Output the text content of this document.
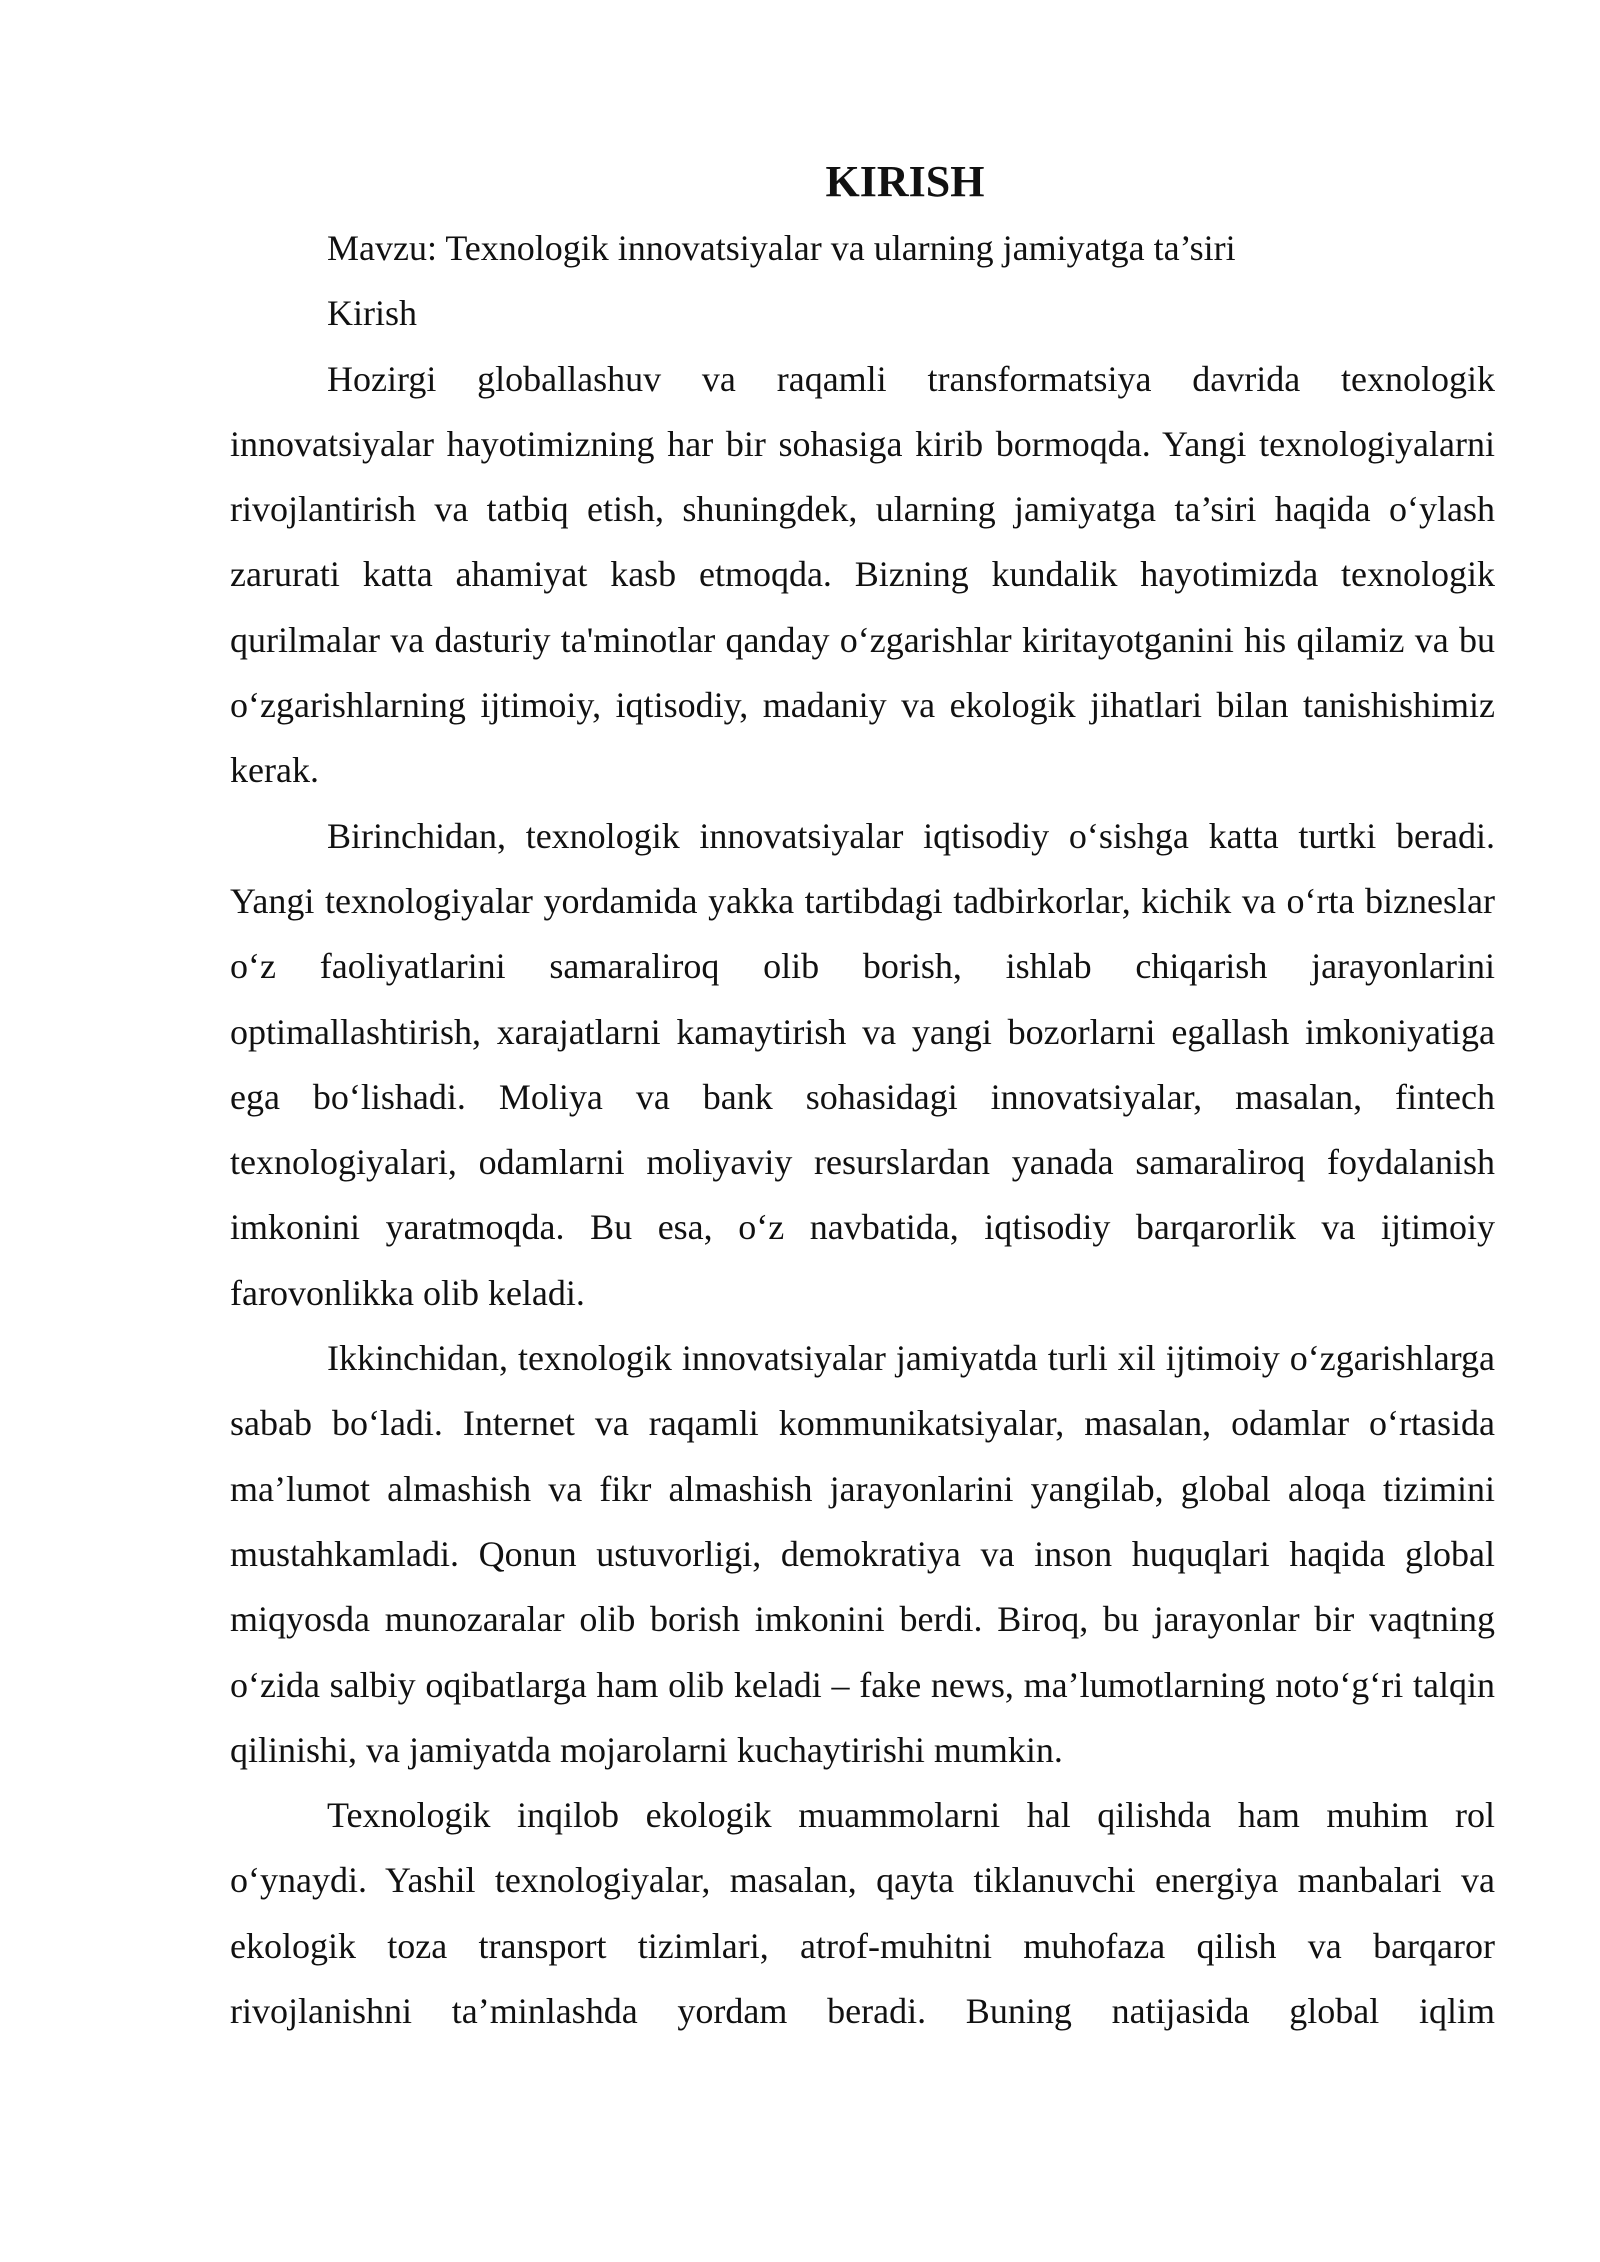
KIRISH

Mavzu: Texnologik innovatsiyalar va ularning jamiyatga ta’siri

Kirish

Hozirgi globallashuv va raqamli transformatsiya davrida texnologik innovatsiyalar hayotimizning har bir sohasiga kirib bormoqda. Yangi texnologiyalarni rivojlantirish va tatbiq etish, shuningdek, ularning jamiyatga ta’siri haqida o‘ylash zarurati katta ahamiyat kasb etmoqda. Bizning kundalik hayotimizda texnologik qurilmalar va dasturiy ta'minotlar qanday o‘zgarishlar kiritayotganini his qilamiz va bu o‘zgarishlarning ijtimoiy, iqtisodiy, madaniy va ekologik jihatlari bilan tanishishimiz kerak.

Birinchidan, texnologik innovatsiyalar iqtisodiy o‘sishga katta turtki beradi. Yangi texnologiyalar yordamida yakka tartibdagi tadbirkorlar, kichik va o‘rta bizneslar o‘z faoliyatlarini samaraliroq olib borish, ishlab chiqarish jarayonlarini optimallashtirish, xarajatlarni kamaytirish va yangi bozorlarni egallash imkoniyatiga ega bo‘lishadi. Moliya va bank sohasidagi innovatsiyalar, masalan, fintech texnologiyalari, odamlarni moliyaviy resurslardan yanada samaraliroq foydalanish imkonini yaratmoqda. Bu esa, o‘z navbatida, iqtisodiy barqarorlik va ijtimoiy farovonlikka olib keladi.

Ikkinchidan, texnologik innovatsiyalar jamiyatda turli xil ijtimoiy o‘zgarishlarga sabab bo‘ladi. Internet va raqamli kommunikatsiyalar, masalan, odamlar o‘rtasida ma’lumot almashish va fikr almashish jarayonlarini yangilab, global aloqa tizimini mustahkamladi. Qonun ustuvorligi, demokratiya va inson huquqlari haqida global miqyosda munozaralar olib borish imkonini berdi. Biroq, bu jarayonlar bir vaqtning o‘zida salbiy oqibatlarga ham olib keladi – fake news, ma’lumotlarning noto‘g‘ri talqin qilinishi, va jamiyatda mojarolarni kuchaytirishi mumkin.

Texnologik inqilob ekologik muammolarni hal qilishda ham muhim rol o‘ynaydi. Yashil texnologiyalar, masalan, qayta tiklanuvchi energiya manbalari va ekologik toza transport tizimlari, atrof-muhitni muhofaza qilish va barqaror rivojlanishni ta’minlashda yordam beradi. Buning natijasida global iqlim
